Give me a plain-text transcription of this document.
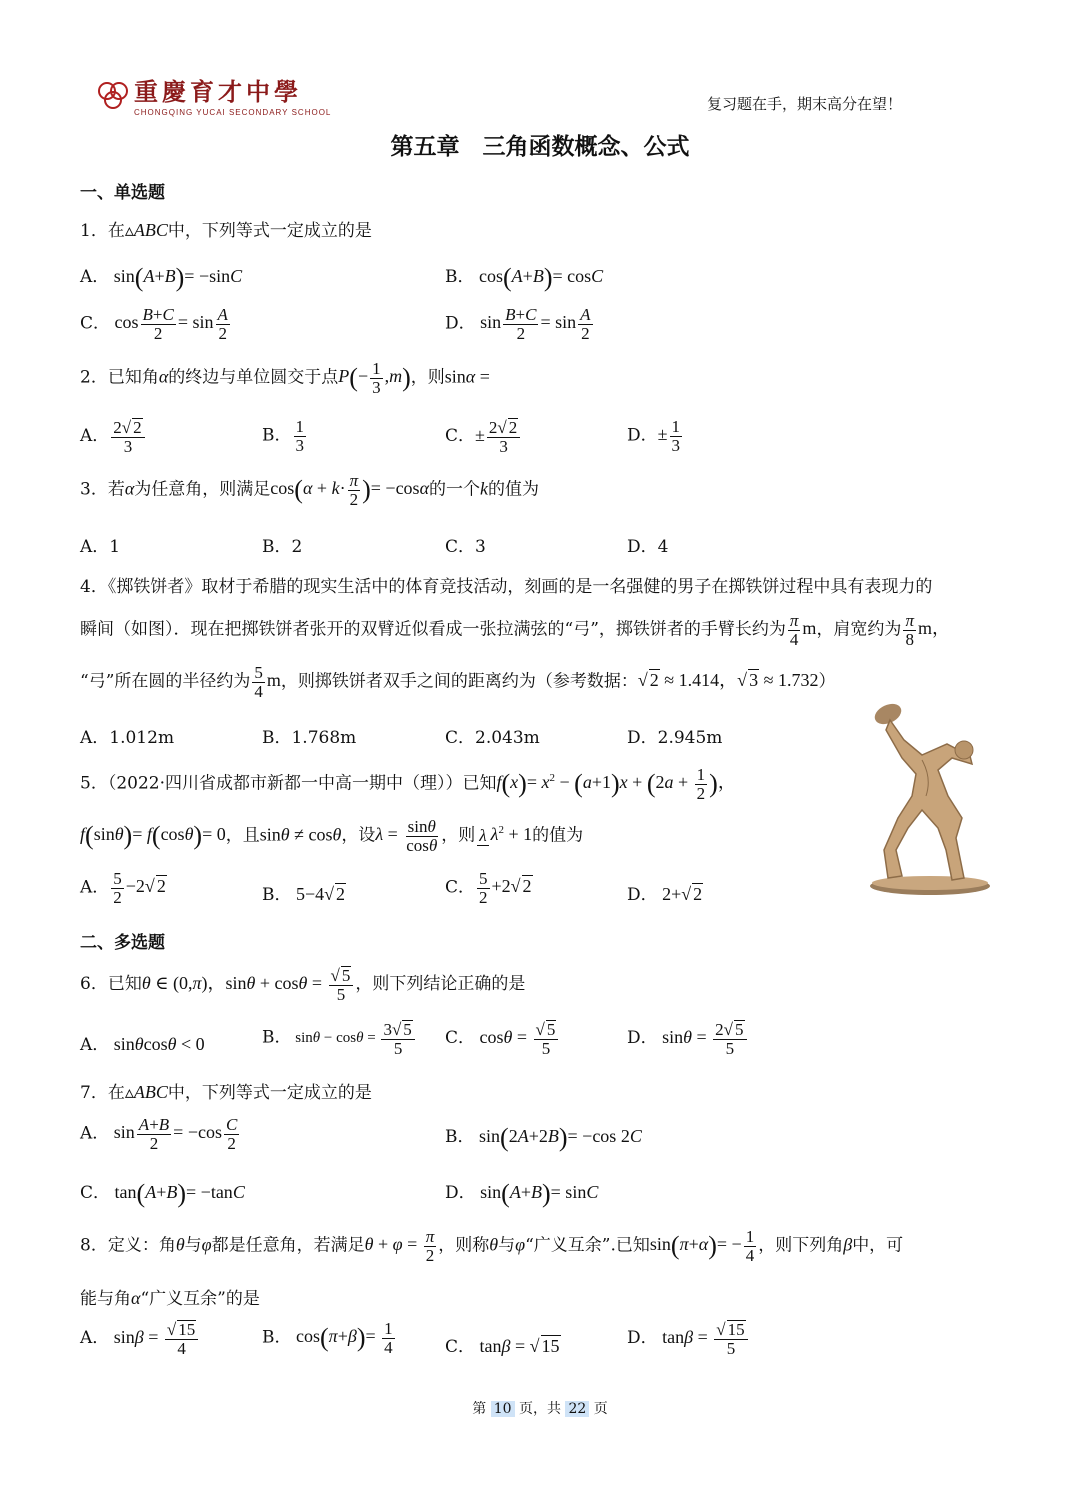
重慶育才中學
CHONGQING YUCAI SECONDARY SCHOOL	复习题在手，期末高分在望！
第五章　三角函数概念、公式
一、单选题
1．在▵ABC中，下列等式一定成立的是
A． sin(A+B)= −sinC	B． cos(A+B)= cosC
C． $\cos \frac{B+C}{2} = \sin \frac{A}{2}$	D． $\sin \frac{B+C}{2} = \sin \frac{A}{2}$
2．已知角α的终边与单位圆交于点$P(- \frac{1}{3} ,m)$，则sinα =
A． $\frac{2√ 2}{3}$	B． $\frac{1}{3}$	C．± $\frac{2√ 2}{3}$	D．± $\frac{1}{3}$
3．若α为任意角，则满足$\cos(\alpha + k\cdot \frac{\pi}{2}$ )= −cosα的一个k的值为
A．1	B．2	C．3	D．4
4．《掷铁饼者》取材于希腊的现实生活中的体育竞技活动，刻画的是一名强健的男子在掷铁饼过程中具有表现力的
瞬间（如图）．现在把掷铁饼者张开的双臂近似看成一张拉满弦的“弓”，掷铁饼者的手臂长约为 $\frac{\pi}{4}$ m，肩宽约为 $\frac{\pi}{8}$ m，
“弓”所在圆的半径约为 $\frac{5}{4}$ m，则掷铁饼者双手之间的距离约为（参考数据：√ 2 ≈ 1.414，√ 3 ≈ 1.732）
A．1.012m	B．1.768m	C．2.043m	D．2.945m
5．（2022·四川省成都市新都一中高一期中（理））已知$f(x)= x^2 - (a+1)x + (2a + \frac{1}{2}$ )，
f(sinθ)= f(cosθ)= 0，且sinθ ≠ cosθ，设$\lambda = \frac{\sin\theta}{\cos\theta}$ ，则 λ $\lambda^2 + 1$的值为
A． $\frac{5}{2} -2√$ 2	B． 5−4√ 2	C． $\frac{5}{2} +2√$ 2	D． 2+√ 2
二、多选题
6．已知θ ∈ (0,π)，$\sin\theta + \cos\theta = \frac{√ 5}{5}$ ，则下列结论正确的是
A． sinθcosθ < 0	B． $\sin\theta - \cos\theta = \frac{3√ 5}{5}$ C． $\cos\theta = \frac{√ 5}{5}$	D． $\sin\theta = \frac{2√ 5}{5}$
7．在▵ABC中，下列等式一定成立的是
A． $\sin \frac{A+B}{2} = -\cos \frac{C}{2}$	B． sin(2A+2B)= −cos 2C
C． tan(A+B)= −tanC	D． sin(A+B)= sinC
8．定义：角θ与φ都是任意角，若满足$\theta + \varphi = \frac{\pi}{2}$ ，则称θ与φ“广义互余”.已知$\sin(\pi+\alpha)= - \frac{1}{4}$ ，则下列角β中，可
能与角α“广义互余”的是
A． $\sin\beta = \frac{√ 15}{4}$	B． $\cos(\pi+\beta)= \frac{1}{4}$	C． tanβ = √ 15	D． $\tan\beta = \frac{√ 15}{5}$
第 10 页，共 22 页
